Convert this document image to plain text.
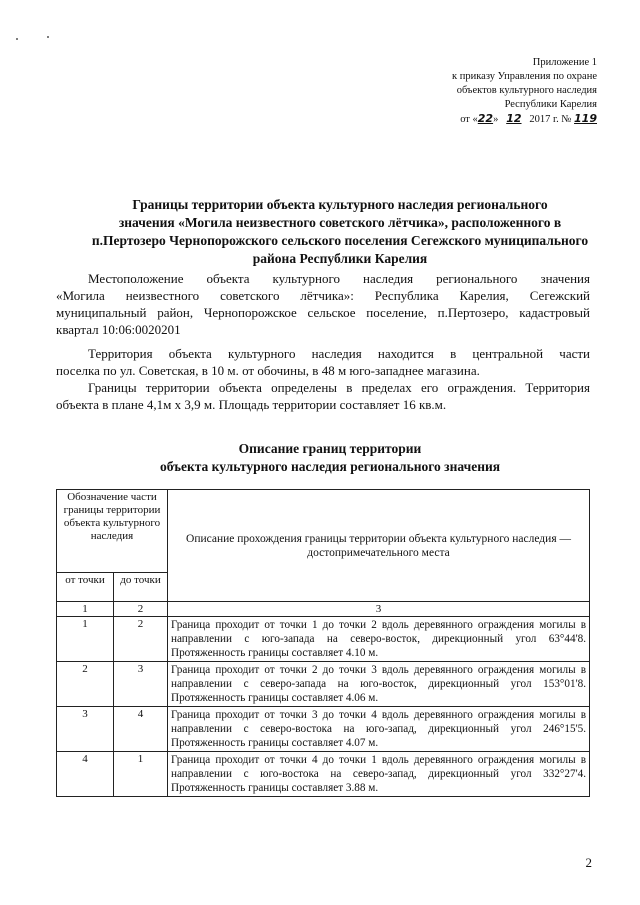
Приложение 1
к приказу Управления по охране
объектов культурного наследия
Республики Карелия
от «22» 12 2017 г. № 119
Границы территории объекта культурного наследия регионального
значения «Могила неизвестного советского лётчика», расположенного в
п.Пертозеро Чернопорожского сельского поселения Сегежского муниципального
района Республики Карелия

Местоположение объекта культурного наследия регионального значения

«Могила неизвестного советского лётчика»: Республика Карелия, Сегежский

муниципальный район, Чернопорожское сельское поселение, п.Пертозеро, кадастровый

квартал 10:06:0020201

Территория объекта культурного наследия находится в центральной части

поселка по ул. Советская, в 10 м. от обочины, в 48 м юго-западнее магазина.

Границы территории объекта определены в пределах его ограждения. Территория

объекта в плане 4,1м х 3,9 м. Площадь территории составляет 16 кв.м.

Описание границ территории
объекта культурного наследия регионального значения
Обозначение части границы территории объекта культурного наследия		Описание прохождения границы территории объекта культурного наследия — достопримечательного места
от точки	до точки	
1	2	3
1	2	Граница проходит от точки 1 до точки 2 вдоль деревянного ограждения могилы в направлении с юго-запада на северо-восток, дирекционный угол 63°44'8. Протяженность границы составляет 4.10 м.
2	3	Граница проходит от точки 2 до точки 3 вдоль деревянного ограждения могилы в направлении с северо-запада на юго-восток, дирекционный угол 153°01'8. Протяженность границы составляет 4.06 м.
3	4	Граница проходит от точки 3 до точки 4 вдоль деревянного ограждения могилы в направлении с северо-востока на юго-запад, дирекционный угол 246°15'5. Протяженность границы составляет 4.07 м.
4	1	Граница проходит от точки 4 до точки 1 вдоль деревянного ограждения могилы в направлении с юго-востока на северо-запад, дирекционный угол 332°27'4. Протяженность границы составляет 3.88 м.
2
